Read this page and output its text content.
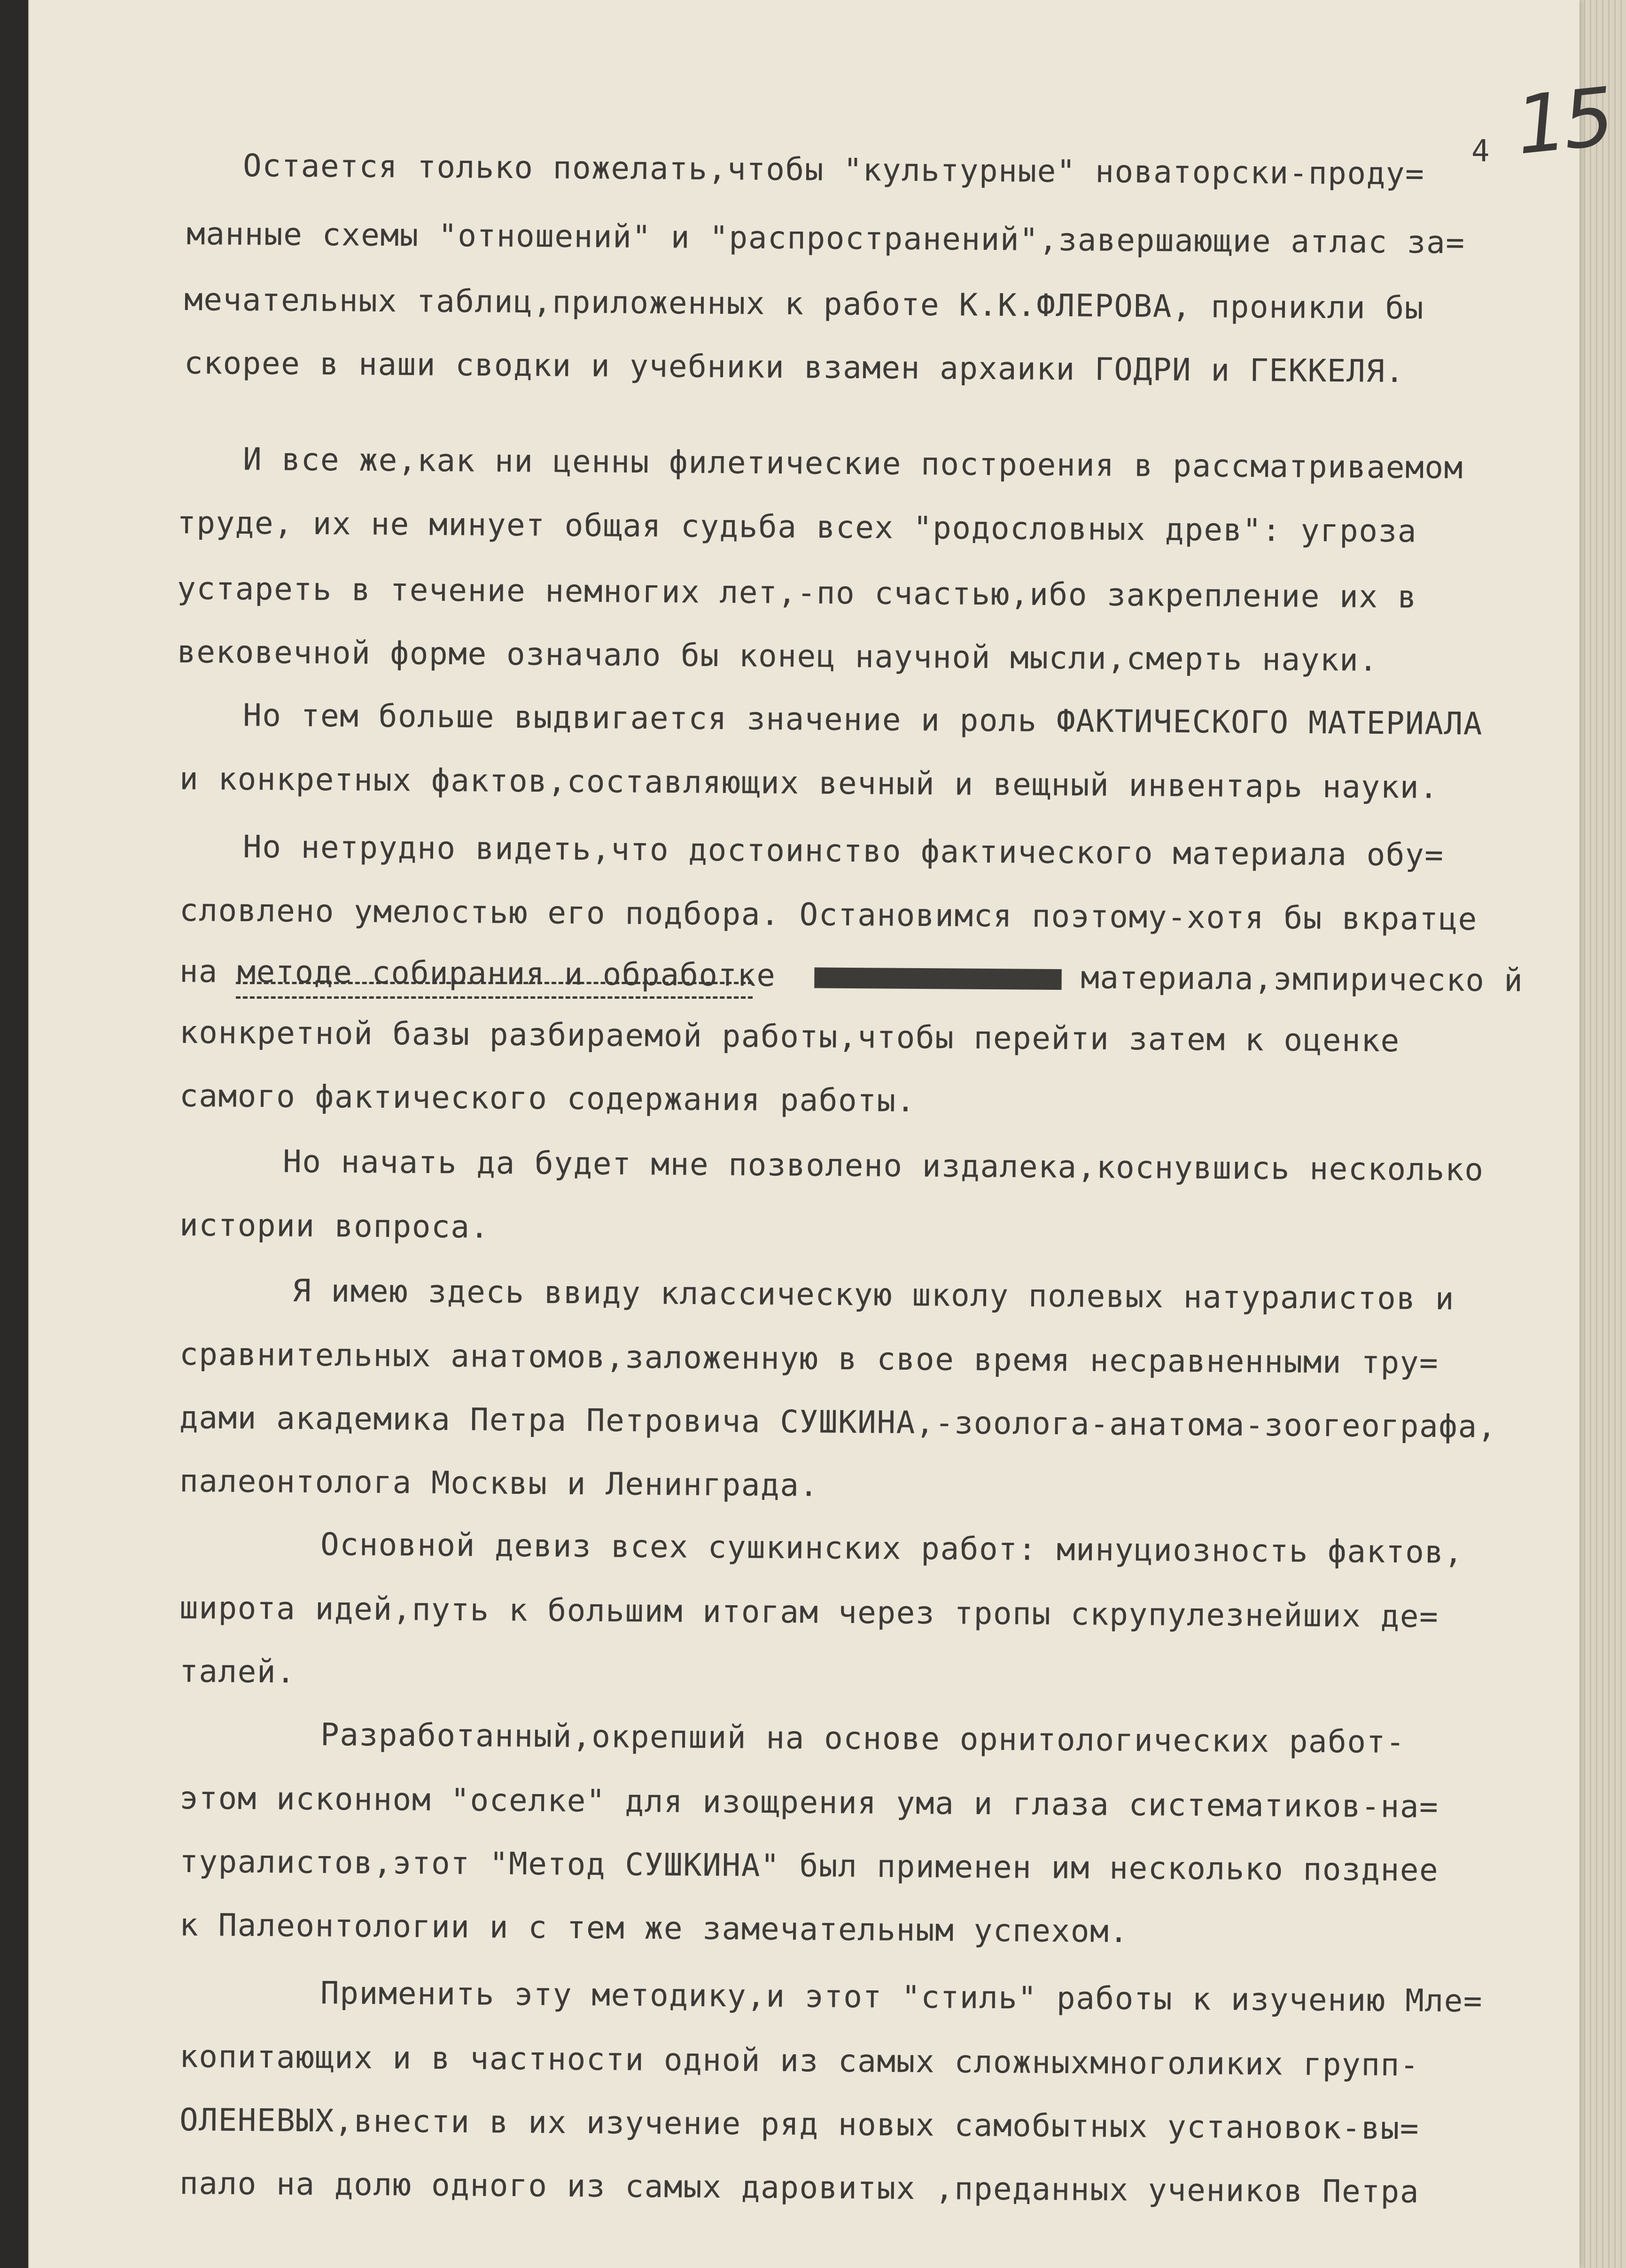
15
4
Остается только пожелать,чтобы "культурные" новаторски-проду=
манные схемы "отношений" и "распространений",завершающие атлас за=
мечательных таблиц,приложенных к работе К.К.ФЛЕРОВА, проникли бы
скорее в наши сводки и учебники взамен архаики ГОДРИ и ГЕККЕЛЯ.
И все же,как ни ценны филетические построения в рассматриваемом
труде, их не минует общая судьба всех "родословных древ": угроза
устареть в течение немногих лет,-по счастью,ибо закрепление их в
вековечной форме означало бы конец научной мысли,смерть науки.
Но тем больше выдвигается значение и роль ФАКТИЧЕСКОГО МАТЕРИАЛА
и конкретных фактов,составляющих вечный и вещный инвентарь науки.
Но нетрудно видеть,что достоинство фактического материала обу=
словлено умелостью его подбора. Остановимся поэтому-хотя бы вкратце
на методе собирания и обработке	материала,эмпирическо й
конкретной базы разбираемой работы,чтобы перейти затем к оценке
самого фактического содержания работы.
Но начать да будет мне позволено издалека,коснувшись несколько
истории вопроса.
Я имею здесь ввиду классическую школу полевых натуралистов и
сравнительных анатомов,заложенную в свое время несравненными тру=
дами академика Петра Петровича СУШКИНА,-зоолога-анатома-зоогеографа,
палеонтолога Москвы и Ленинграда.
Основной девиз всех сушкинских работ: минуциозность фактов,
широта идей,путь к большим итогам через тропы скрупулезнейших де=
талей.
Разработанный,окрепший на основе орнитологических работ-
этом исконном "оселке" для изощрения ума и глаза систематиков-на=
туралистов,этот "Метод СУШКИНА" был применен им несколько позднее
к Палеонтологии и с тем же замечательным успехом.
Применить эту методику,и этот "стиль" работы к изучению Мле=
копитающих и в частности одной из самых сложныхмноголиких групп-
ОЛЕНЕВЫХ,внести в их изучение ряд новых самобытных установок-вы=
пало на долю одного из самых даровитых ,преданных учеников Петра
